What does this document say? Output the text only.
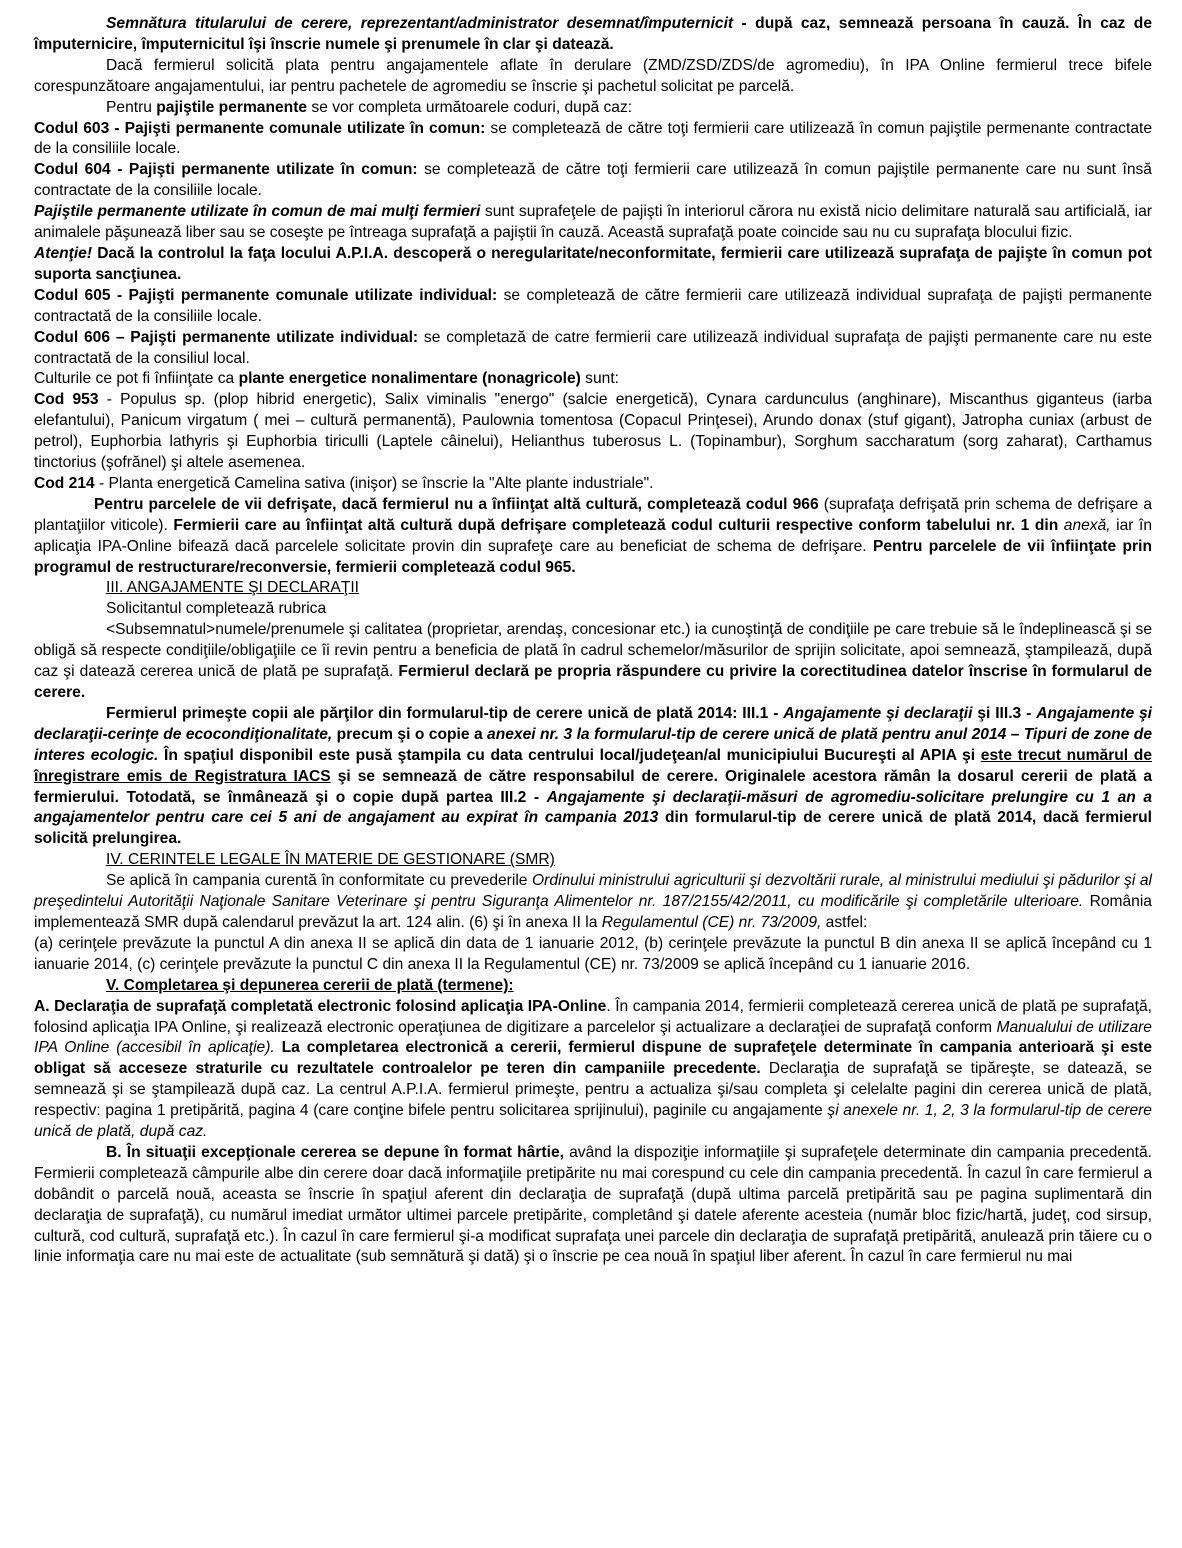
Semnătura titularului de cerere, reprezentant/administrator desemnat/împuternicit - după caz, semnează persoana în cauză. În caz de împuternicire, împuternicitul îşi înscrie numele şi prenumele în clar şi datează.

Dacă fermierul solicită plata pentru angajamentele aflate în derulare (ZMD/ZSD/ZDS/de agromediu), în IPA Online fermierul trece bifele corespunzătoare angajamentului, iar pentru pachetele de agromediu se înscrie şi pachetul solicitat pe parcelă.

Pentru pajiştile permanente se vor completa următoarele coduri, după caz:

Codul 603 - Pajişti permanente comunale utilizate în comun: se completează de către toţi fermierii care utilizează în comun pajiştile permenante contractate de la consiliile locale.

Codul 604 - Pajişti permanente utilizate în comun: se completează de către toţi fermierii care utilizează în comun pajiştile permanente care nu sunt însă contractate de la consiliile locale.

Pajiştile permanente utilizate în comun de mai mulţi fermieri sunt suprafeţele de pajişti în interiorul cărora nu există nicio delimitare naturală sau artificială, iar animalele păşunează liber sau se coseşte pe întreaga suprafaţă a pajiştii în cauză. Această suprafaţă poate coincide sau nu cu suprafaţa blocului fizic.

Atenţie! Dacă la controlul la faţa locului A.P.I.A. descoperă o neregularitate/neconformitate, fermierii care utilizează suprafaţa de pajişte în comun pot suporta sancţiunea.

Codul 605 - Pajişti permanente comunale utilizate individual: se completează de către fermierii care utilizează individual suprafaţa de pajişti permanente contractată de la consiliile locale.

Codul 606 – Pajişti permanente utilizate individual: se completază de catre fermierii care utilizează individual suprafaţa de pajişti permanente care nu este contractată de la consiliul local.

Culturile ce pot fi înfiinţate ca plante energetice nonalimentare (nonagricole) sunt:

Cod 953 - Populus sp. (plop hibrid energetic), Salix viminalis "energo" (salcie energetică), Cynara cardunculus (anghinare), Miscanthus giganteus (iarba elefantului), Panicum virgatum ( mei – cultură permanentă), Paulownia tomentosa (Copacul Prinţesei), Arundo donax (stuf gigant), Jatropha cuniax (arbust de petrol), Euphorbia lathyris şi Euphorbia tiriculli (Laptele câinelui), Helianthus tuberosus L. (Topinambur), Sorghum saccharatum (sorg zaharat), Carthamus tinctorius (şofrănel) şi altele asemenea.

Cod 214 - Planta energetică Camelina sativa (inişor) se înscrie la "Alte plante industriale".

Pentru parcelele de vii defrişate, dacă fermierul nu a înfiinţat altă cultură, completează codul 966 (suprafaţa defrişată prin schema de defrişare a plantaţiilor viticole). Fermierii care au înfiinţat altă cultură după defrişare completează codul culturii respective conform tabelului nr. 1 din anexă, iar în aplicaţia IPA-Online bifează dacă parcelele solicitate provin din suprafeţe care au beneficiat de schema de defrişare. Pentru parcelele de vii înfiinţate prin programul de restructurare/reconversie, fermierii completează codul 965.

III. ANGAJAMENTE ŞI DECLARAŢII

Solicitantul completează rubrica

<Subsemnatul>numele/prenumele şi calitatea (proprietar, arendaş, concesionar etc.) ia cunoştinţă de condiţiile pe care trebuie să le îndeplinească şi se obligă să respecte condiţiile/obligaţiile ce îi revin pentru a beneficia de plată în cadrul schemelor/măsurilor de sprijin solicitate, apoi semnează, ştampilează, după caz şi datează cererea unică de plată pe suprafaţă. Fermierul declară pe propria răspundere cu privire la corectitudinea datelor înscrise în formularul de cerere.

Fermierul primeşte copii ale părţilor din formularul-tip de cerere unică de plată 2014: III.1 - Angajamente şi declaraţii şi III.3 - Angajamente şi declaraţii-cerinţe de ecocondiţionalitate, precum şi o copie a anexei nr. 3 la formularul-tip de cerere unică de plată pentru anul 2014 – Tipuri de zone de interes ecologic. În spaţiul disponibil este pusă ştampila cu data centrului local/judeţean/al municipiului Bucureşti al APIA şi este trecut numărul de înregistrare emis de Registratura IACS şi se semnează de către responsabilul de cerere. Originalele acestora rămân la dosarul cererii de plată a fermierului. Totodată, se înmânează şi o copie după partea III.2 - Angajamente şi declaraţii-măsuri de agromediu-solicitare prelungire cu 1 an a angajamentelor pentru care cei 5 ani de angajament au expirat în campania 2013 din formularul-tip de cerere unică de plată 2014, dacă fermierul solicită prelungirea.

IV. CERINTELE LEGALE ÎN MATERIE DE GESTIONARE (SMR)

Se aplică în campania curentă în conformitate cu prevederile Ordinului ministrului agriculturii şi dezvoltării rurale, al ministrului mediului şi pădurilor şi al preşedintelui Autorităţii Naţionale Sanitare Veterinare şi pentru Siguranţa Alimentelor nr. 187/2155/42/2011, cu modificările şi completările ulterioare. România implementează SMR după calendarul prevăzut la art. 124 alin. (6) şi în anexa II la Regulamentul (CE) nr. 73/2009, astfel:

(a) cerinţele prevăzute la punctul A din anexa II se aplică din data de 1 ianuarie 2012, (b) cerinţele prevăzute la punctul B din anexa II se aplică începând cu 1 ianuarie 2014, (c) cerinţele prevăzute la punctul C din anexa II la Regulamentul (CE) nr. 73/2009 se aplică începând cu 1 ianuarie 2016.

V. Completarea şi depunerea cererii de plată (termene):

A. Declaraţia de suprafaţă completată electronic folosind aplicaţia IPA-Online. În campania 2014, fermierii completează cererea unică de plată pe suprafaţă, folosind aplicaţia IPA Online, şi realizează electronic operaţiunea de digitizare a parcelelor şi actualizare a declaraţiei de suprafaţă conform Manualului de utilizare IPA Online (accesibil în aplicaţie). La completarea electronică a cererii, fermierul dispune de suprafeţele determinate în campania anterioară şi este obligat să acceseze straturile cu rezultatele controalelor pe teren din campaniile precedente. Declaraţia de suprafaţă se tipăreşte, se datează, se semnează şi se ştampilează după caz. La centrul A.P.I.A. fermierul primeşte, pentru a actualiza şi/sau completa şi celelalte pagini din cererea unică de plată, respectiv: pagina 1 pretipărită, pagina 4 (care conţine bifele pentru solicitarea sprijinului), paginile cu angajamente şi anexele nr. 1, 2, 3 la formularul-tip de cerere unică de plată, după caz.

B. În situaţii excepţionale cererea se depune în format hârtie, având la dispoziţie informaţiile şi suprafeţele determinate din campania precedentă. Fermierii completează câmpurile albe din cerere doar dacă informaţiile pretipărite nu mai corespund cu cele din campania precedentă. În cazul în care fermierul a dobândit o parcelă nouă, aceasta se înscrie în spaţiul aferent din declaraţia de suprafaţă (după ultima parcelă pretipărită sau pe pagina suplimentară din declaraţia de suprafaţă), cu numărul imediat următor ultimei parcele pretipărite, completând şi datele aferente acesteia (număr bloc fizic/hartă, judeţ, cod sirsup, cultură, cod cultură, suprafaţă etc.). În cazul în care fermierul şi-a modificat suprafaţa unei parcele din declaraţia de suprafaţă pretipărită, anulează prin tăiere cu o linie informaţia care nu mai este de actualitate (sub semnătură şi dată) şi o înscrie pe cea nouă în spaţiul liber aferent. În cazul în care fermierul nu mai
